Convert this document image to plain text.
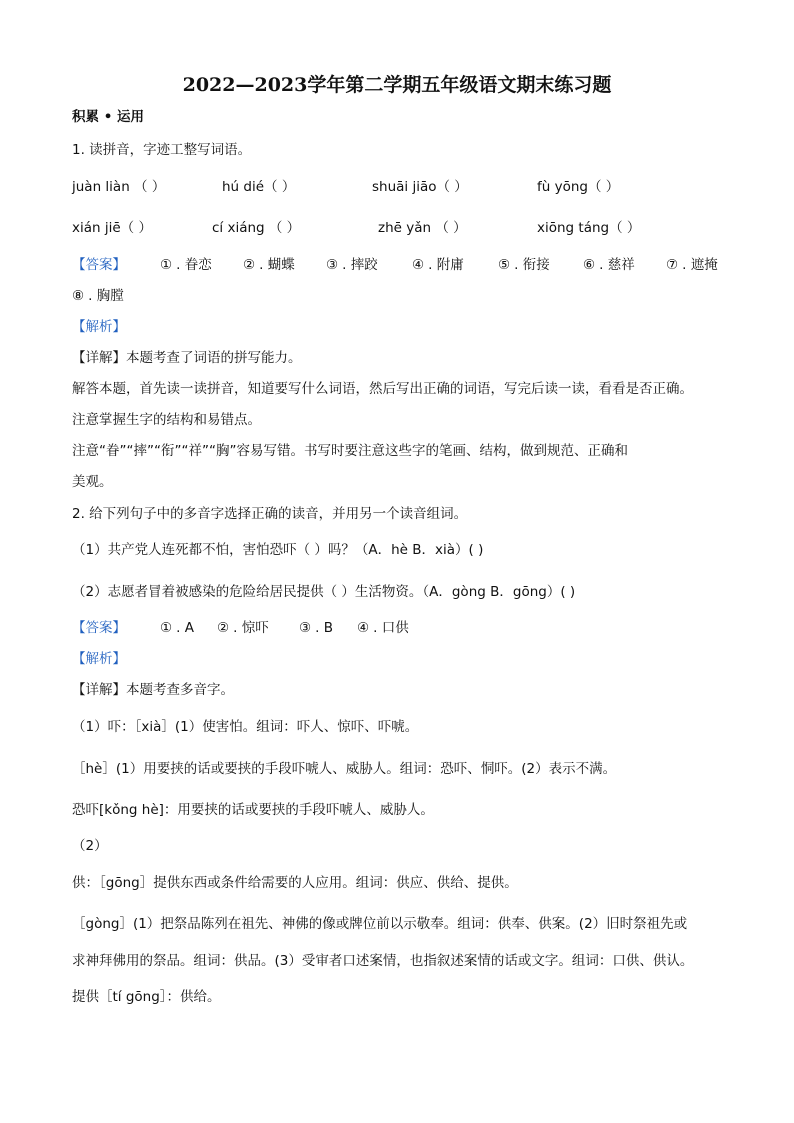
2022—2023学年第二学期五年级语文期末练习题
积累 • 运用
1. 读拼音，字迹工整写词语。
juàn liàn （ ）	hú dié（ ）	shuāi jiāo（ ）	fù yōng（ ）
xián jiē（ ）	cí xiáng （ ）	zhē yǎn （ ）	xiōng táng（ ）
【答案】	① . 眷恋 ② . 蝴蝶 ③ . 摔跤	④ . 附庸	⑤ . 衔接 ⑥ . 慈祥 ⑦ . 遮掩
⑧ . 胸膛
【解析】
【详解】本题考查了词语的拼写能力。
解答本题，首先读一读拼音，知道要写什么词语，然后写出正确的词语，写完后读一读，看看是否正确。
注意掌握生字的结构和易错点。
注意“眷”“摔”“衔”“祥”“胸”容易写错。书写时要注意这些字的笔画、结构，做到规范、正确和
美观。
2. 给下列句子中的多音字选择正确的读音，并用另一个读音组词。
（1）共产党人连死都不怕，害怕恐吓（ ）吗？（A．hè B．xià）( )
（2）志愿者冒着被感染的危险给居民提供（ ）生活物资。（A．gòng B．gōng）( )
【答案】	① . A ② . 惊吓 ③ . B ④ . 口供
【解析】
【详解】本题考查多音字。
（1）吓：［xià］(1）使害怕。组词：吓人、惊吓、吓唬。
［hè］(1）用要挟的话或要挟的手段吓唬人、威胁人。组词：恐吓、恫吓。(2）表示不满。
恐吓[kǒng hè]：用要挟的话或要挟的手段吓唬人、威胁人。
（2）
供：［gōng］提供东西或条件给需要的人应用。组词：供应、供给、提供。
［gòng］(1）把祭品陈列在祖先、神佛的像或牌位前以示敬奉。组词：供奉、供案。(2）旧时祭祖先或
求神拜佛用的祭品。组词：供品。(3）受审者口述案情，也指叙述案情的话或文字。组词：口供、供认。
提供［tí gōng］：供给。
